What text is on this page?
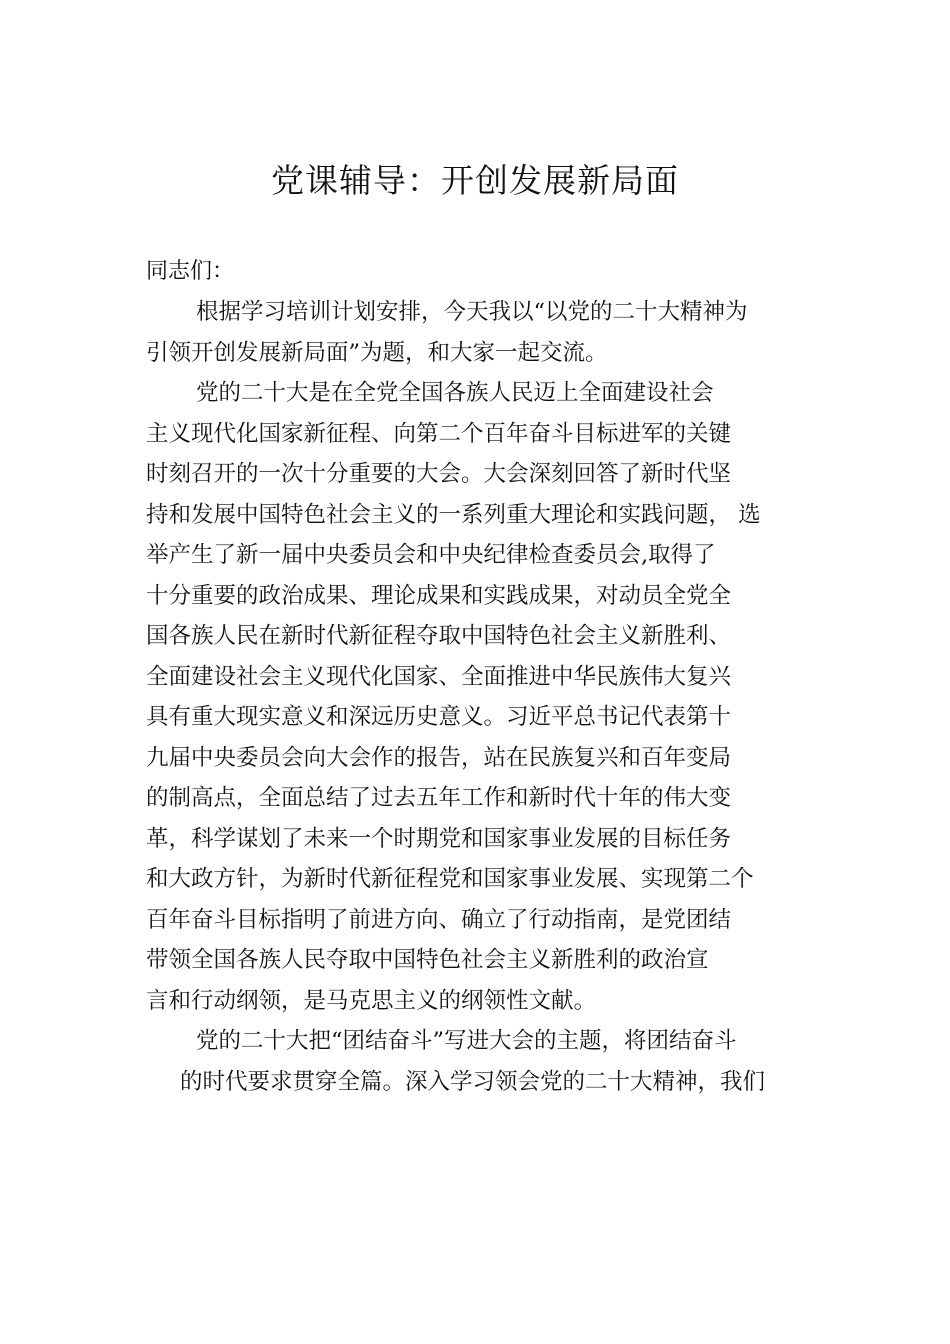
党课辅导：开创发展新局面

同志们：

根据学习培训计划安排，今天我以“以党的二十大精神为

引领开创发展新局面”为题，和大家一起交流。

党的二十大是在全党全国各族人民迈上全面建设社会

主义现代化国家新征程、向第二个百年奋斗目标进军的关键

时刻召开的一次十分重要的大会。大会深刻回答了新时代坚

持和发展中国特色社会主义的一系列重大理论和实践问题， 选

举产生了新一届中央委员会和中央纪律检查委员会,取得了

十分重要的政治成果、理论成果和实践成果，对动员全党全

国各族人民在新时代新征程夺取中国特色社会主义新胜利、

全面建设社会主义现代化国家、全面推进中华民族伟大复兴

具有重大现实意义和深远历史意义。习近平总书记代表第十

九届中央委员会向大会作的报告，站在民族复兴和百年变局

的制高点，全面总结了过去五年工作和新时代十年的伟大变

革，科学谋划了未来一个时期党和国家事业发展的目标任务

和大政方针，为新时代新征程党和国家事业发展、实现第二个

百年奋斗目标指明了前进方向、确立了行动指南，是党团结

带领全国各族人民夺取中国特色社会主义新胜利的政治宣

言和行动纲领，是马克思主义的纲领性文献。

党的二十大把“团结奋斗”写进大会的主题，将团结奋斗

的时代要求贯穿全篇。深入学习领会党的二十大精神，我们
